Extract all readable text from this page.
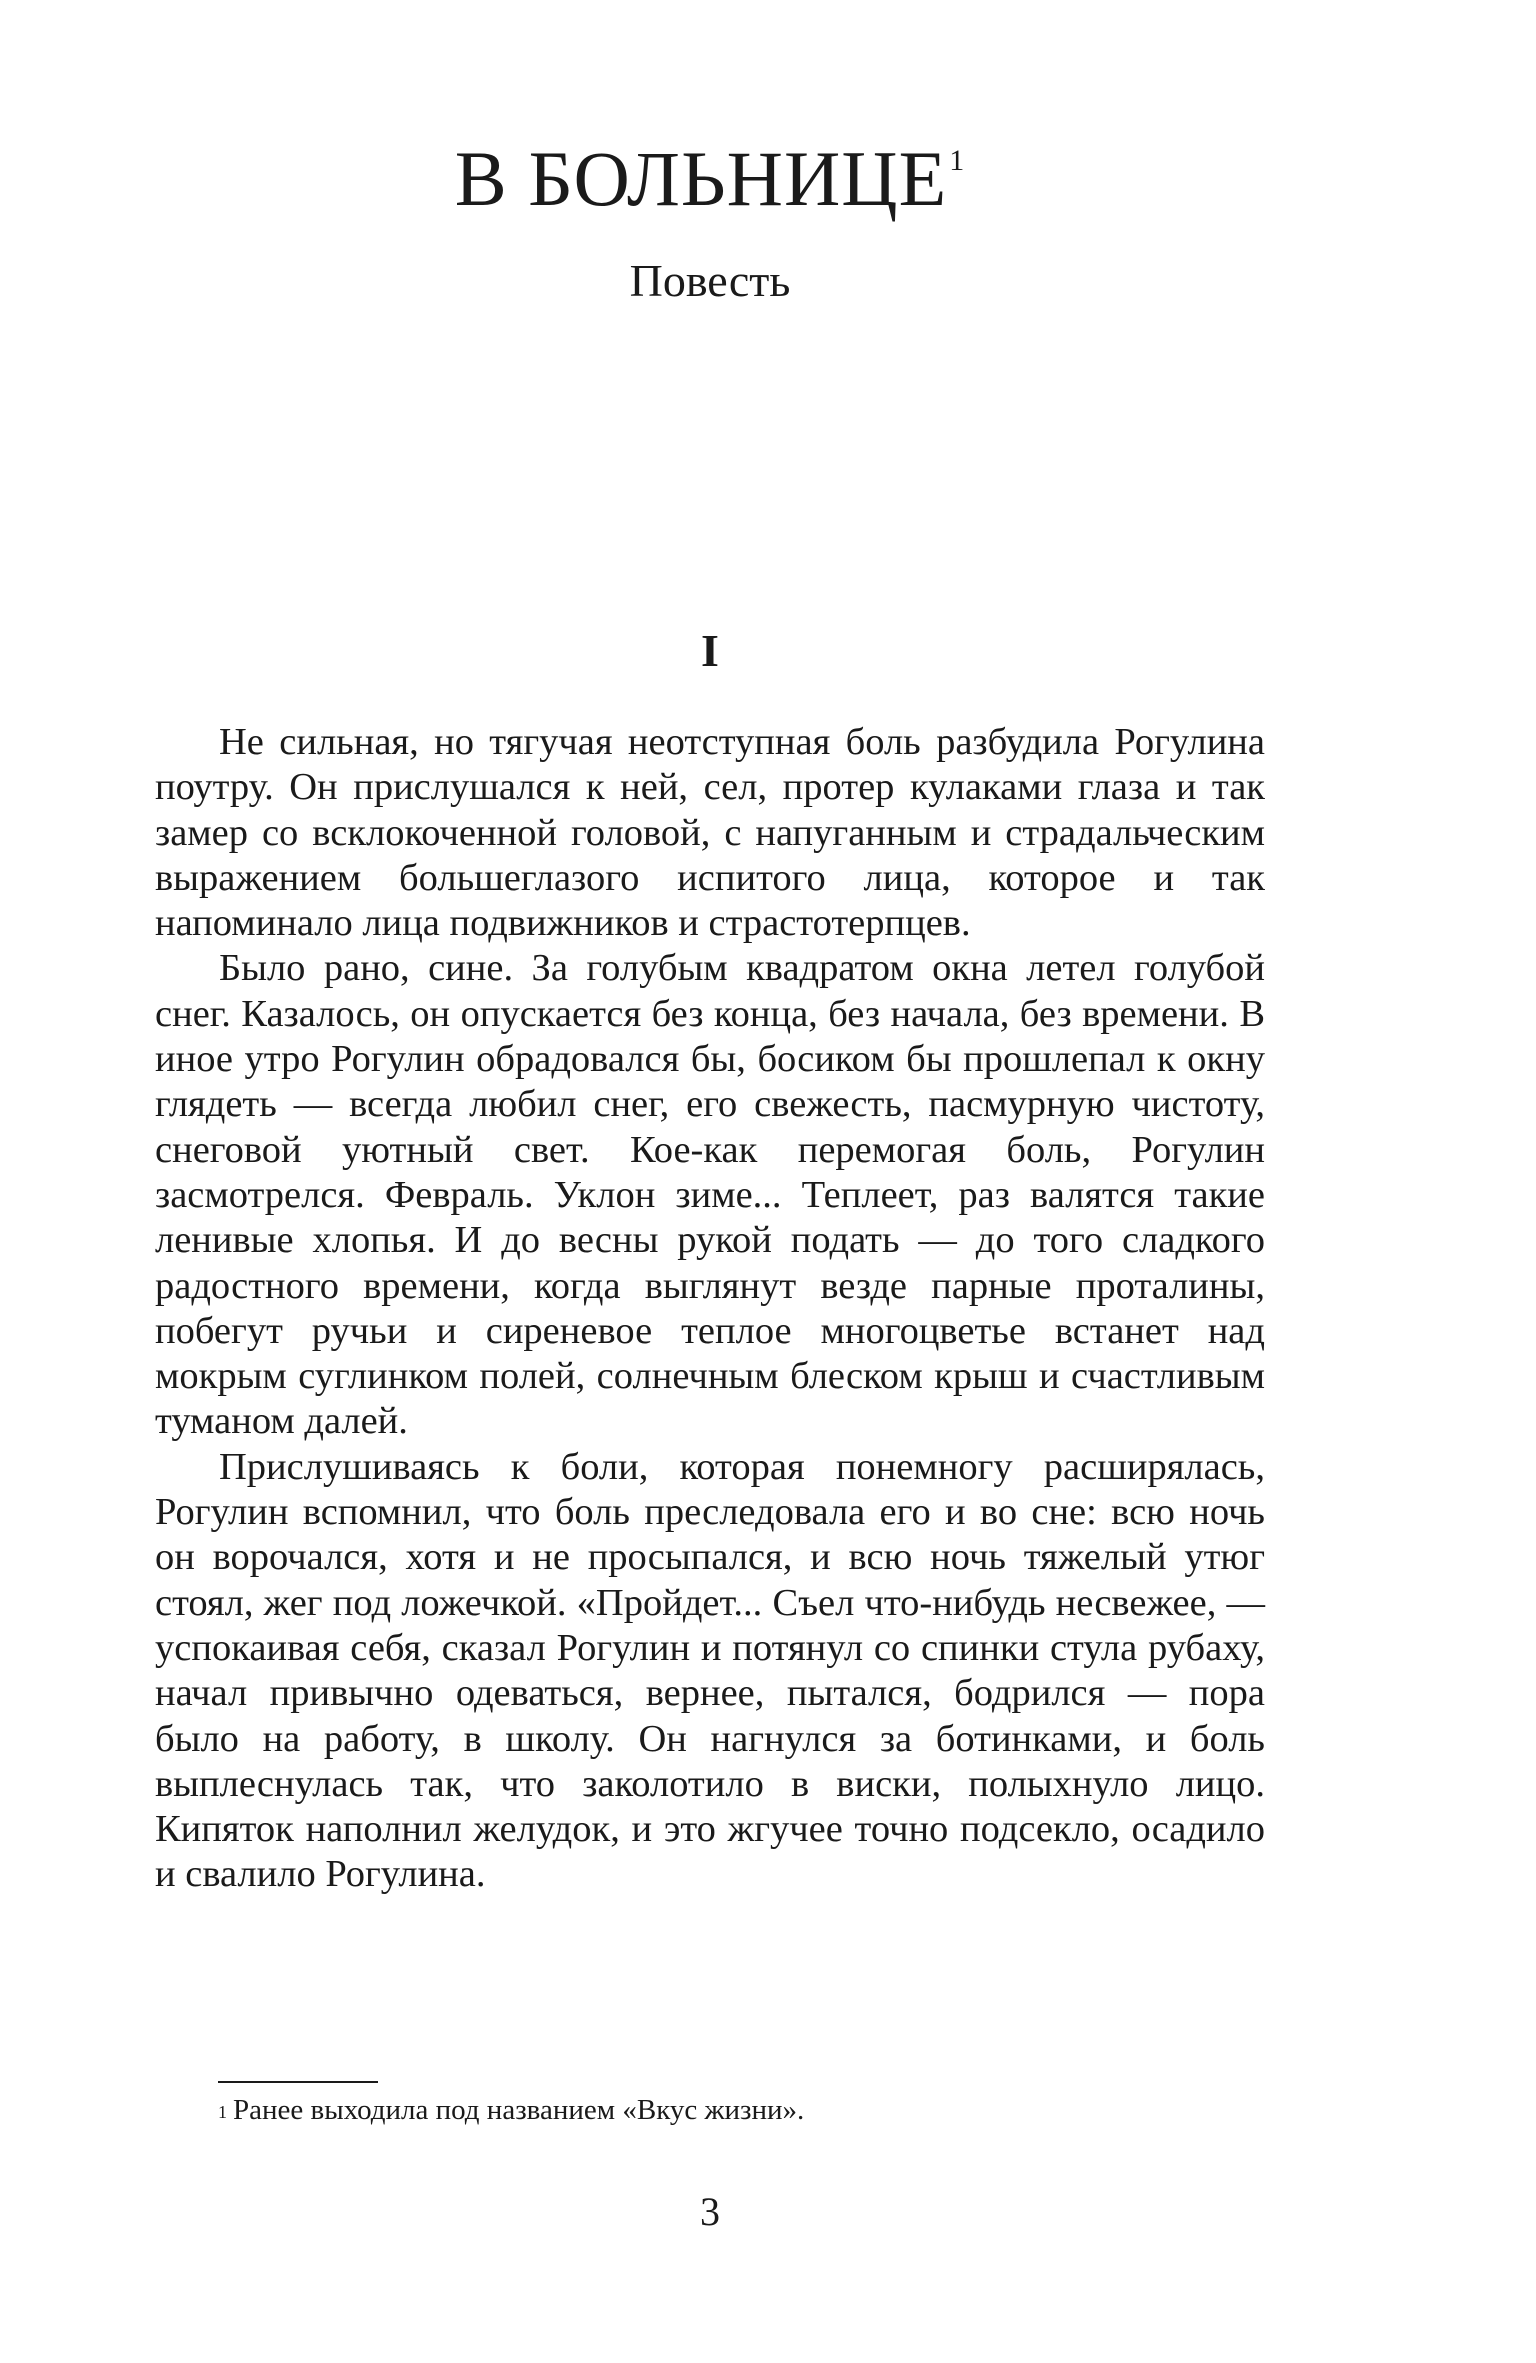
В БОЛЬНИЦЕ$^1$
Повесть
I

Не сильная, но тягучая неотступная боль разбудила Рогулина поутру. Он прислушался к ней, сел, протер кулаками глаза и так замер со всклокоченной головой, с напуганным и страдальческим выражением большеглазого испитого лица, которое и так напоминало лица подвижников и страстотерпцев.

Было рано, сине. За голубым квадратом окна летел голубой снег. Казалось, он опускается без конца, без начала, без времени. В иное утро Рогулин обрадовался бы, босиком бы прошлепал к окну глядеть — всегда любил снег, его свежесть, пасмурную чистоту, снеговой уютный свет. Кое-как перемогая боль, Рогулин засмотрелся. Февраль. Уклон зиме... Теплеет, раз валятся такие ленивые хлопья. И до весны рукой подать — до того сладкого радостного времени, когда выглянут везде парные проталины, побегут ручьи и сиреневое теплое многоцветье встанет над мокрым суглинком полей, солнечным блеском крыш и счастливым туманом далей.

Прислушиваясь к боли, которая понемногу расширялась, Рогулин вспомнил, что боль преследовала его и во сне: всю ночь он ворочался, хотя и не просыпался, и всю ночь тяжелый утюг стоял, жег под ложечкой. «Пройдет... Съел что-нибудь несвежее, — успокаивая себя, сказал Рогулин и потянул со спинки стула рубаху, начал привычно одеваться, вернее, пытался, бодрился — пора было на работу, в школу. Он нагнулся за ботинками, и боль выплеснулась так, что заколотило в виски, полыхнуло лицо. Кипяток наполнил желудок, и это жгучее точно подсекло, осадило и свалило Рогулина.

$^1$ Ранее выходила под названием «Вкус жизни».
3
